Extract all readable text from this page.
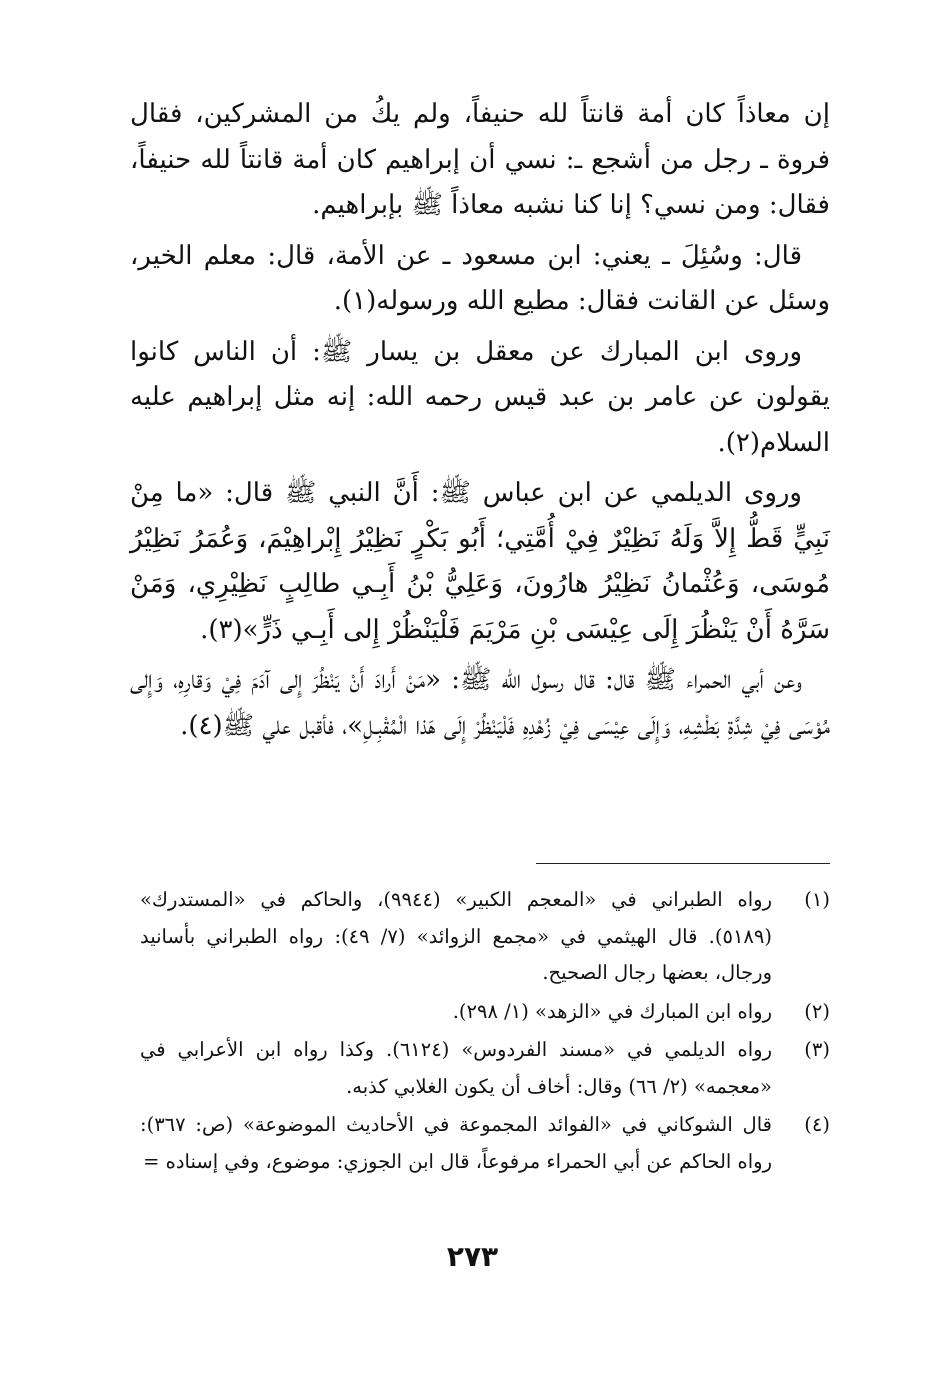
إن معاذاً كان أمة قانتاً لله حنيفاً، ولم يكُ من المشركين، فقال فروة ـ رجل من أشجع ـ: نسي أن إبراهيم كان أمة قانتاً لله حنيفاً، فقال: ومن نسي؟ إنا كنا نشبه معاذاً ﷺ بإبراهيم.

قال: وسُئِلَ ـ يعني: ابن مسعود ـ عن الأمة، قال: معلم الخير، وسئل عن القانت فقال: مطيع الله ورسوله(١).

وروى ابن المبارك عن معقل بن يسار ﷺ: أن الناس كانوا يقولون عن عامر بن عبد قيس رحمه الله: إنه مثل إبراهيم عليه السلام(٢).

وروى الديلمي عن ابن عباس ﷺ: أَنَّ النبي ﷺ قال: «ما مِنْ نَبِيٍّ قَطُّ إِلاَّ وَلَهُ نَظِيْرٌ فِيْ أُمَّتِي؛ أَبُو بَكْرٍ نَظِيْرُ إِبْراهِيْمَ، وَعُمَرُ نَظِيْرُ مُوسَى، وَعُثْمانُ نَظِيْرُ هارُونَ، وَعَلِيُّ بْنُ أَبِـي طالِبٍ نَظِيْرِي، وَمَنْ سَرَّهُ أَنْ يَنْظُرَ إِلَى عِيْسَى بْنِ مَرْيَمَ فَلْيَنْظُرْ إِلى أَبِـي ذَرٍّ»(٣).

وعن أبي الحمراء ﷺ قال: قال رسول الله ﷺ: «مَنْ أَرادَ أَنْ يَنْظُرَ إِلى آدَمَ فِيْ وَقارِهِ، وَإِلى مُوْسَى فِيْ شِدَّةِ بَطْشِهِ، وَإِلَى عِيْسَى فِيْ زُهْدِهِ فَلْيَنْظُرْ إِلَى هَذا الْمُقْبِـلِ»، فأقبل علي ﷺ(٤).

(١)
رواه الطبراني في «المعجم الكبير» (٩٩٤٤)، والحاكم في «المستدرك» (٥١٨٩). قال الهيثمي في «مجمع الزوائد» (٧/ ٤٩): رواه الطبراني بأسانيد ورجال، بعضها رجال الصحيح.
(٢)
رواه ابن المبارك في «الزهد» (١/ ٢٩٨).
(٣)
رواه الديلمي في «مسند الفردوس» (٦١٢٤). وكذا رواه ابن الأعرابي في «معجمه» (٢/ ٦٦) وقال: أخاف أن يكون الغلابي كذبه.
(٤)
قال الشوكاني في «الفوائد المجموعة في الأحاديث الموضوعة» (ص: ٣٦٧): رواه الحاكم عن أبي الحمراء مرفوعاً، قال ابن الجوزي: موضوع، وفي إسناده =
٢٧٣
